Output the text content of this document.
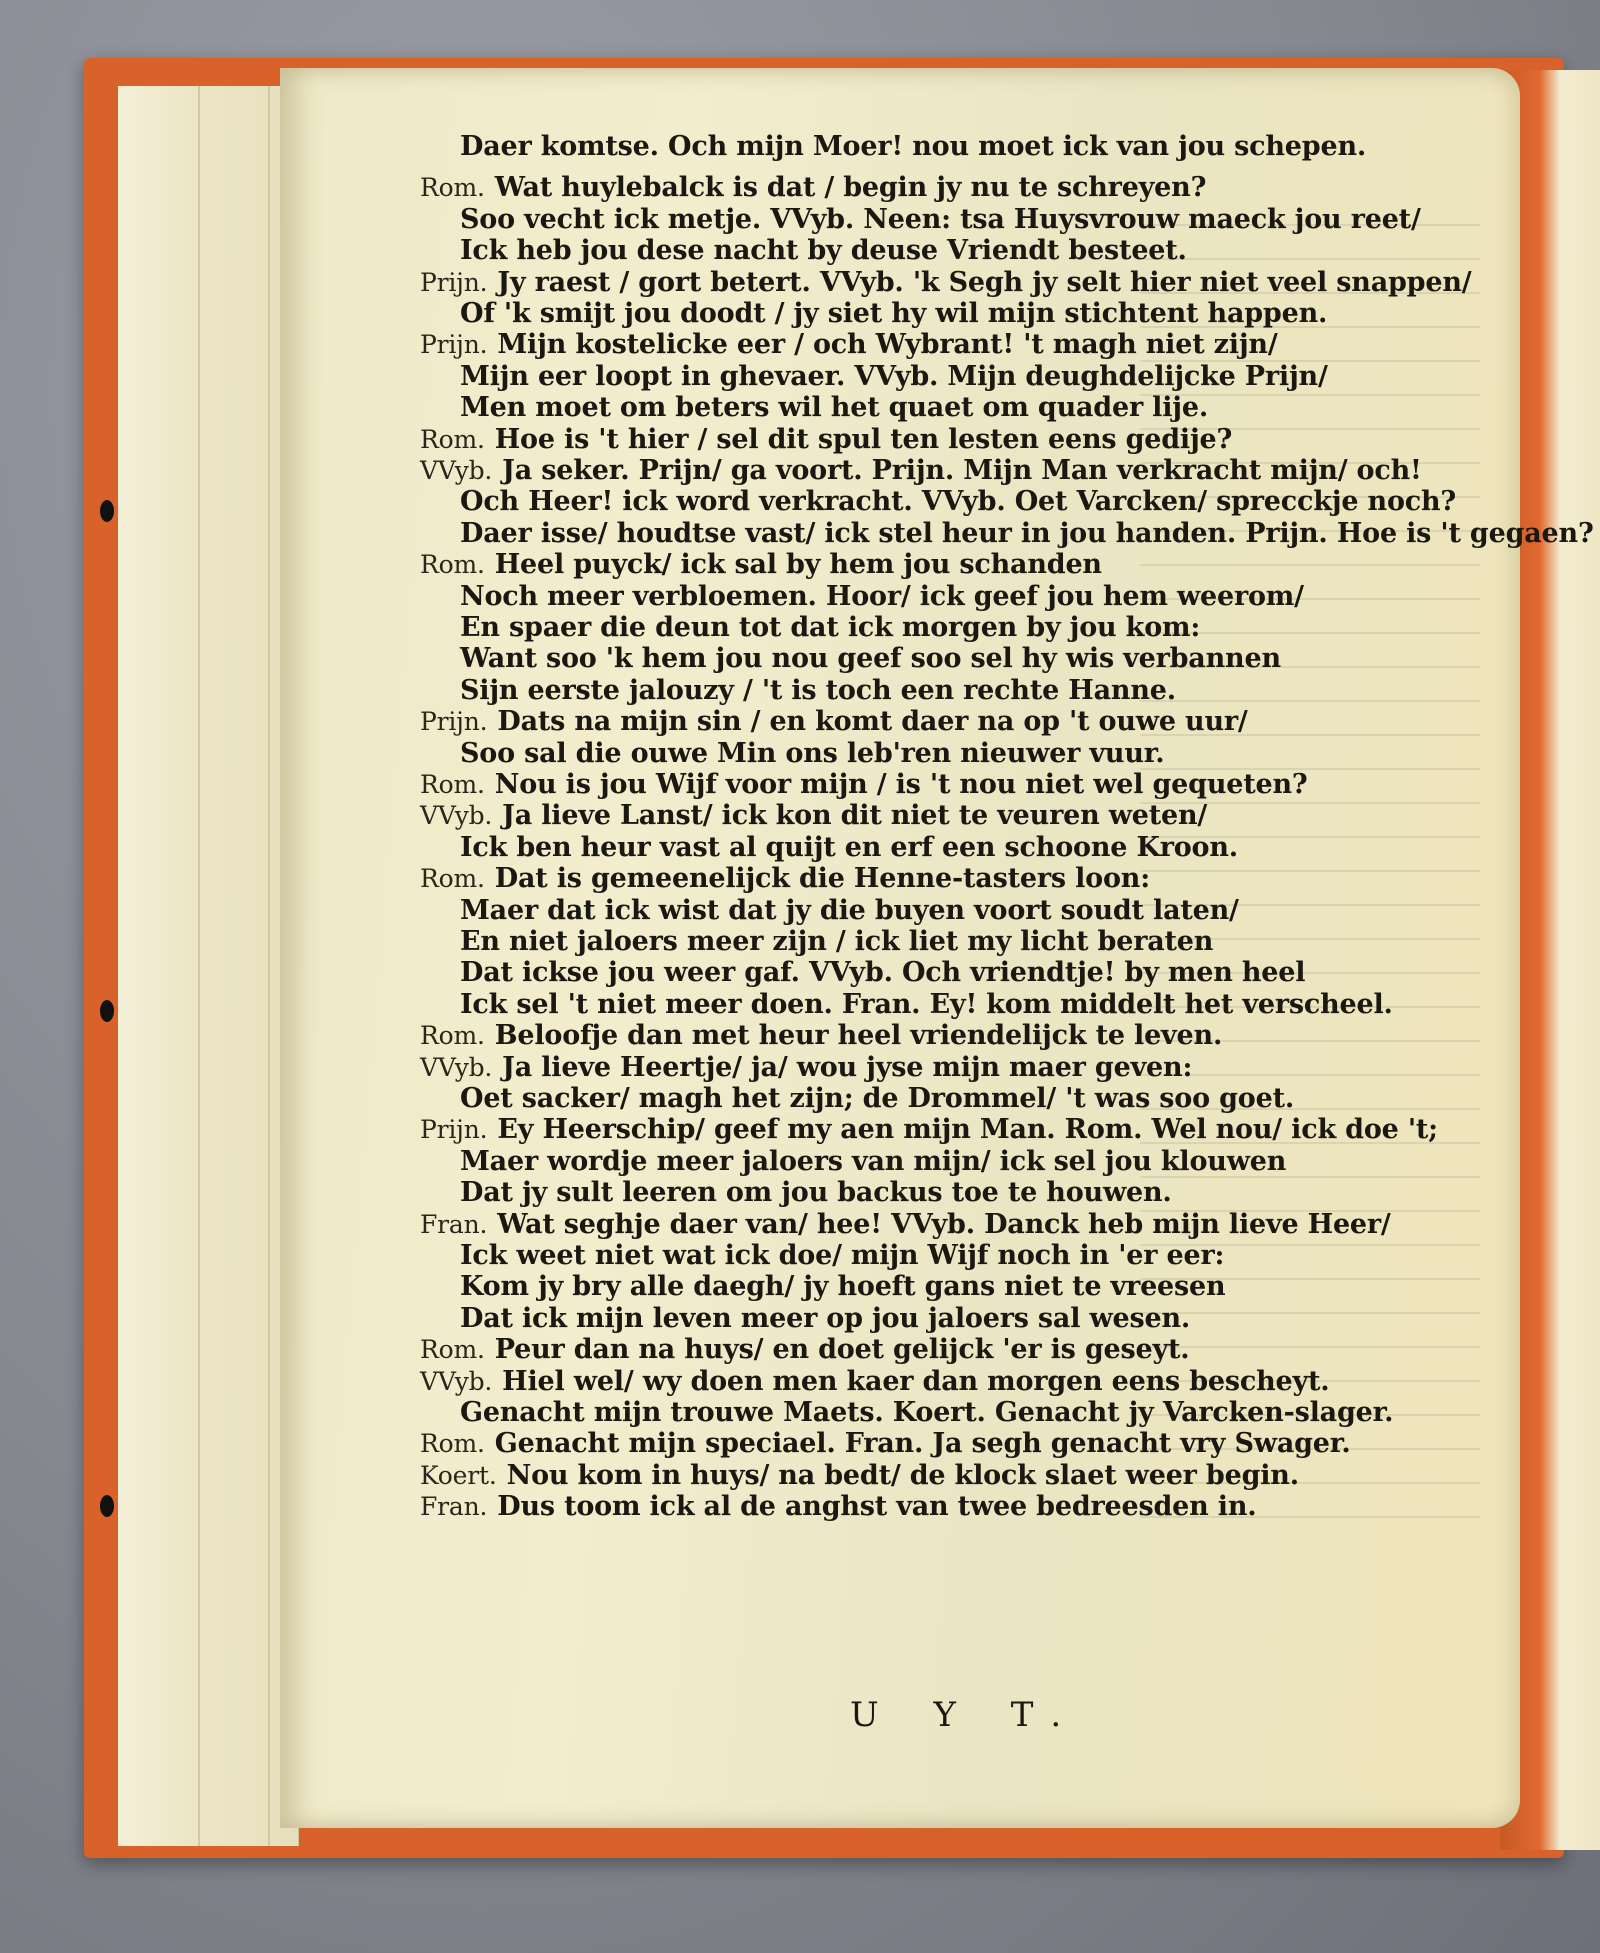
Daer komtse. Och mijn Moer! nou moet ick van jou schepen.
Rom. Wat huylebalck is dat / begin jy nu te schreyen?
Soo vecht ick metje. VVyb. Neen: tsa Huysvrouw maeck jou reet/
Ick heb jou dese nacht by deuse Vriendt besteet.
Prijn. Jy raest / gort betert. VVyb. 'k Segh jy selt hier niet veel snappen/
Of 'k smijt jou doodt / jy siet hy wil mijn stichtent happen.
Prijn. Mijn kostelicke eer / och Wybrant! 't magh niet zijn/
Mijn eer loopt in ghevaer. VVyb. Mijn deughdelijcke Prijn/
Men moet om beters wil het quaet om quader lije.
Rom. Hoe is 't hier / sel dit spul ten lesten eens gedije?
VVyb. Ja seker. Prijn/ ga voort. Prijn. Mijn Man verkracht mijn/ och!
Och Heer! ick word verkracht. VVyb. Oet Varcken/ sprecckje noch?
Daer isse/ houdtse vast/ ick stel heur in jou handen. Prijn. Hoe is 't gegaen?
Rom. Heel puyck/ ick sal by hem jou schanden
Noch meer verbloemen. Hoor/ ick geef jou hem weerom/
En spaer die deun tot dat ick morgen by jou kom:
Want soo 'k hem jou nou geef soo sel hy wis verbannen
Sijn eerste jalouzy / 't is toch een rechte Hanne.
Prijn. Dats na mijn sin / en komt daer na op 't ouwe uur/
Soo sal die ouwe Min ons leb'ren nieuwer vuur.
Rom. Nou is jou Wijf voor mijn / is 't nou niet wel gequeten?
VVyb. Ja lieve Lanst/ ick kon dit niet te veuren weten/
Ick ben heur vast al quijt en erf een schoone Kroon.
Rom. Dat is gemeenelijck die Henne-tasters loon:
Maer dat ick wist dat jy die buyen voort soudt laten/
En niet jaloers meer zijn / ick liet my licht beraten
Dat ickse jou weer gaf. VVyb. Och vriendtje! by men heel
Ick sel 't niet meer doen. Fran. Ey! kom middelt het verscheel.
Rom. Beloofje dan met heur heel vriendelijck te leven.
VVyb. Ja lieve Heertje/ ja/ wou jyse mijn maer geven:
Oet sacker/ magh het zijn; de Drommel/ 't was soo goet.
Prijn. Ey Heerschip/ geef my aen mijn Man. Rom. Wel nou/ ick doe 't;
Maer wordje meer jaloers van mijn/ ick sel jou klouwen
Dat jy sult leeren om jou backus toe te houwen.
Fran. Wat seghje daer van/ hee! VVyb. Danck heb mijn lieve Heer/
Ick weet niet wat ick doe/ mijn Wijf noch in 'er eer:
Kom jy bry alle daegh/ jy hoeft gans niet te vreesen
Dat ick mijn leven meer op jou jaloers sal wesen.
Rom. Peur dan na huys/ en doet gelijck 'er is geseyt.
VVyb. Hiel wel/ wy doen men kaer dan morgen eens bescheyt.
Genacht mijn trouwe Maets. Koert. Genacht jy Varcken-slager.
Rom. Genacht mijn speciael. Fran. Ja segh genacht vry Swager.
Koert. Nou kom in huys/ na bedt/ de klock slaet weer begin.
Fran. Dus toom ick al de anghst van twee bedreesden in.
U Y T.
